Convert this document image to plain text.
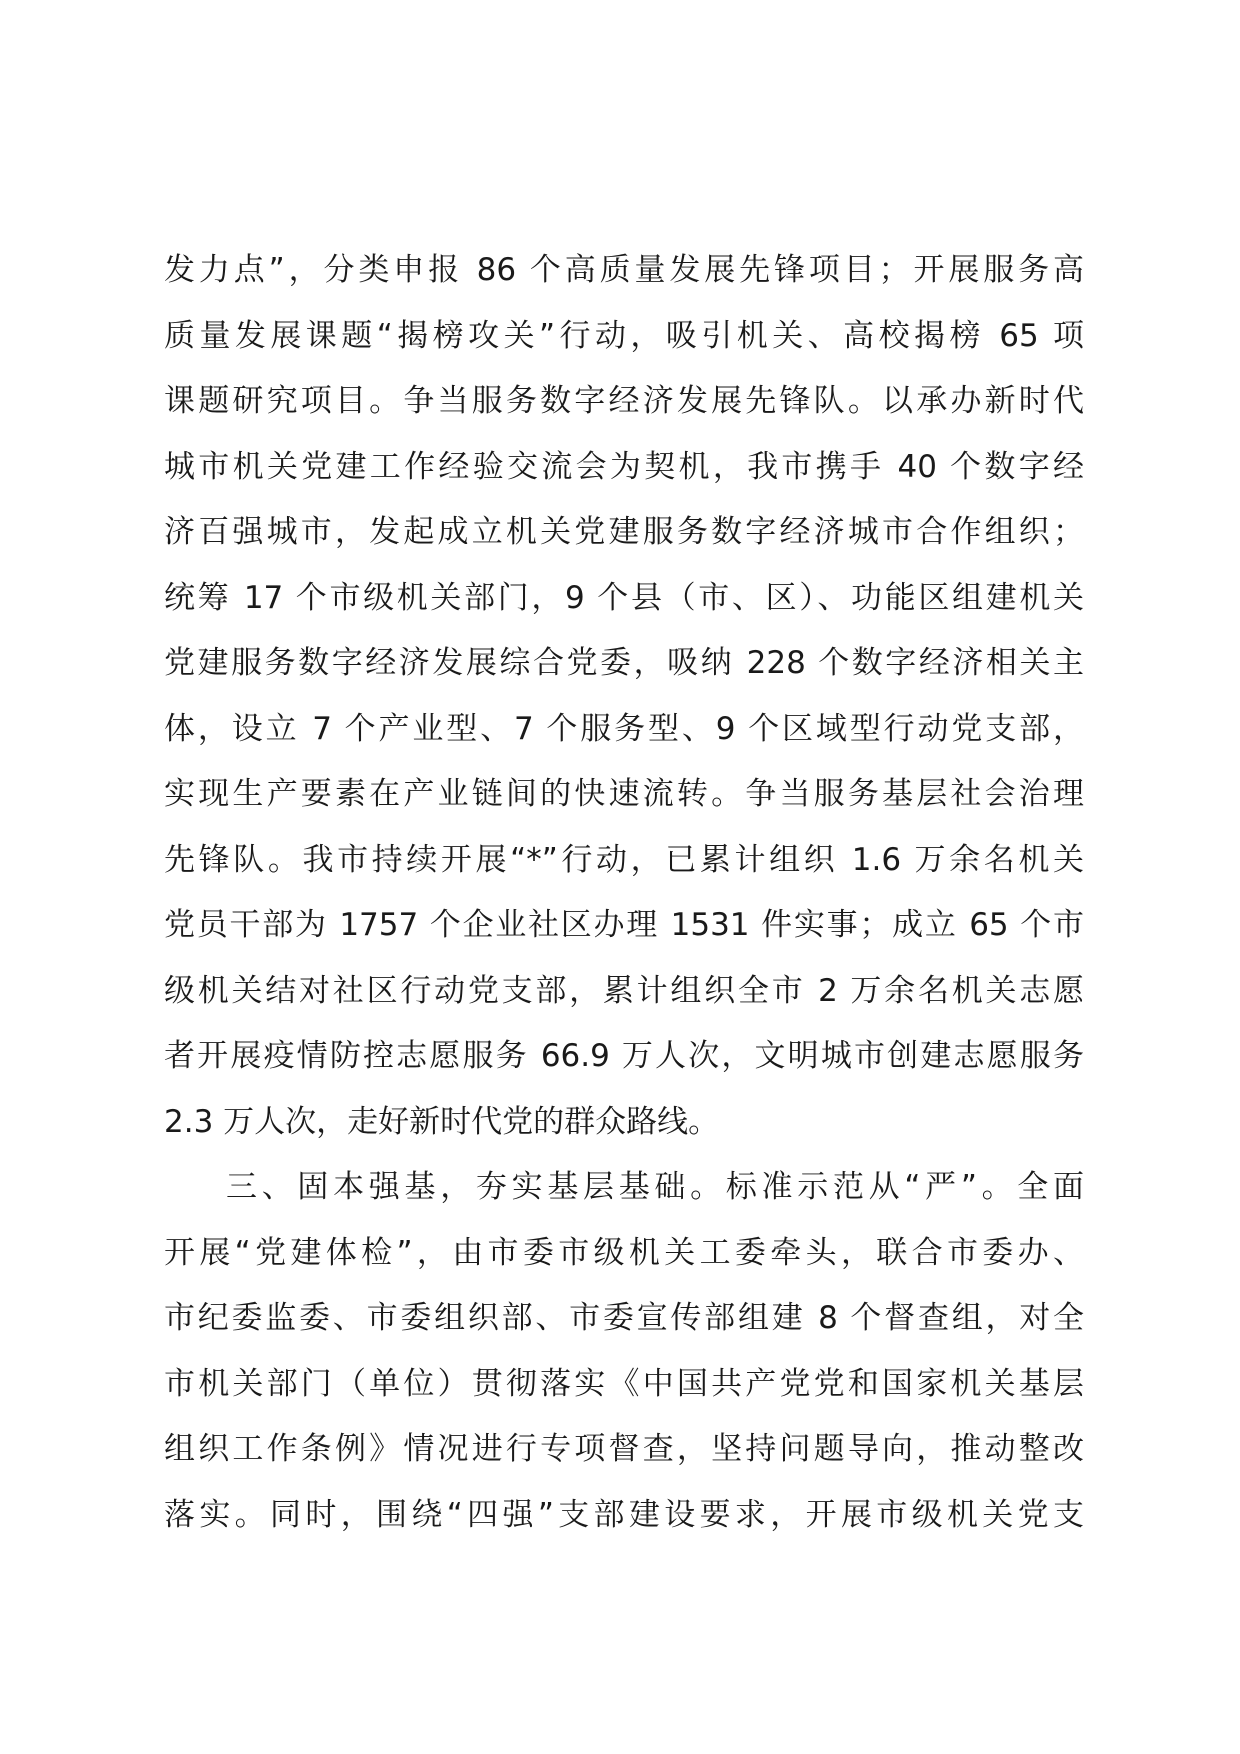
发力点”，分类申报 86 个高质量发展先锋项目；开展服务高
质量发展课题“揭榜攻关”行动，吸引机关、高校揭榜 65 项
课题研究项目。争当服务数字经济发展先锋队。以承办新时代
城市机关党建工作经验交流会为契机，我市携手 40 个数字经
济百强城市，发起成立机关党建服务数字经济城市合作组织；
统筹 17 个市级机关部门，9 个县（市、区）、功能区组建机关
党建服务数字经济发展综合党委，吸纳 228 个数字经济相关主
体，设立 7 个产业型、7 个服务型、9 个区域型行动党支部，
实现生产要素在产业链间的快速流转。争当服务基层社会治理
先锋队。我市持续开展“*”行动，已累计组织 1.6 万余名机关
党员干部为 1757 个企业社区办理 1531 件实事；成立 65 个市
级机关结对社区行动党支部，累计组织全市 2 万余名机关志愿
者开展疫情防控志愿服务 66.9 万人次，文明城市创建志愿服务
2.3 万人次，走好新时代党的群众路线。
三、固本强基，夯实基层基础。标准示范从“严”。全面
开展“党建体检”，由市委市级机关工委牵头，联合市委办、
市纪委监委、市委组织部、市委宣传部组建 8 个督查组，对全
市机关部门（单位）贯彻落实《中国共产党党和国家机关基层
组织工作条例》情况进行专项督查，坚持问题导向，推动整改
落实。同时，围绕“四强”支部建设要求，开展市级机关党支
